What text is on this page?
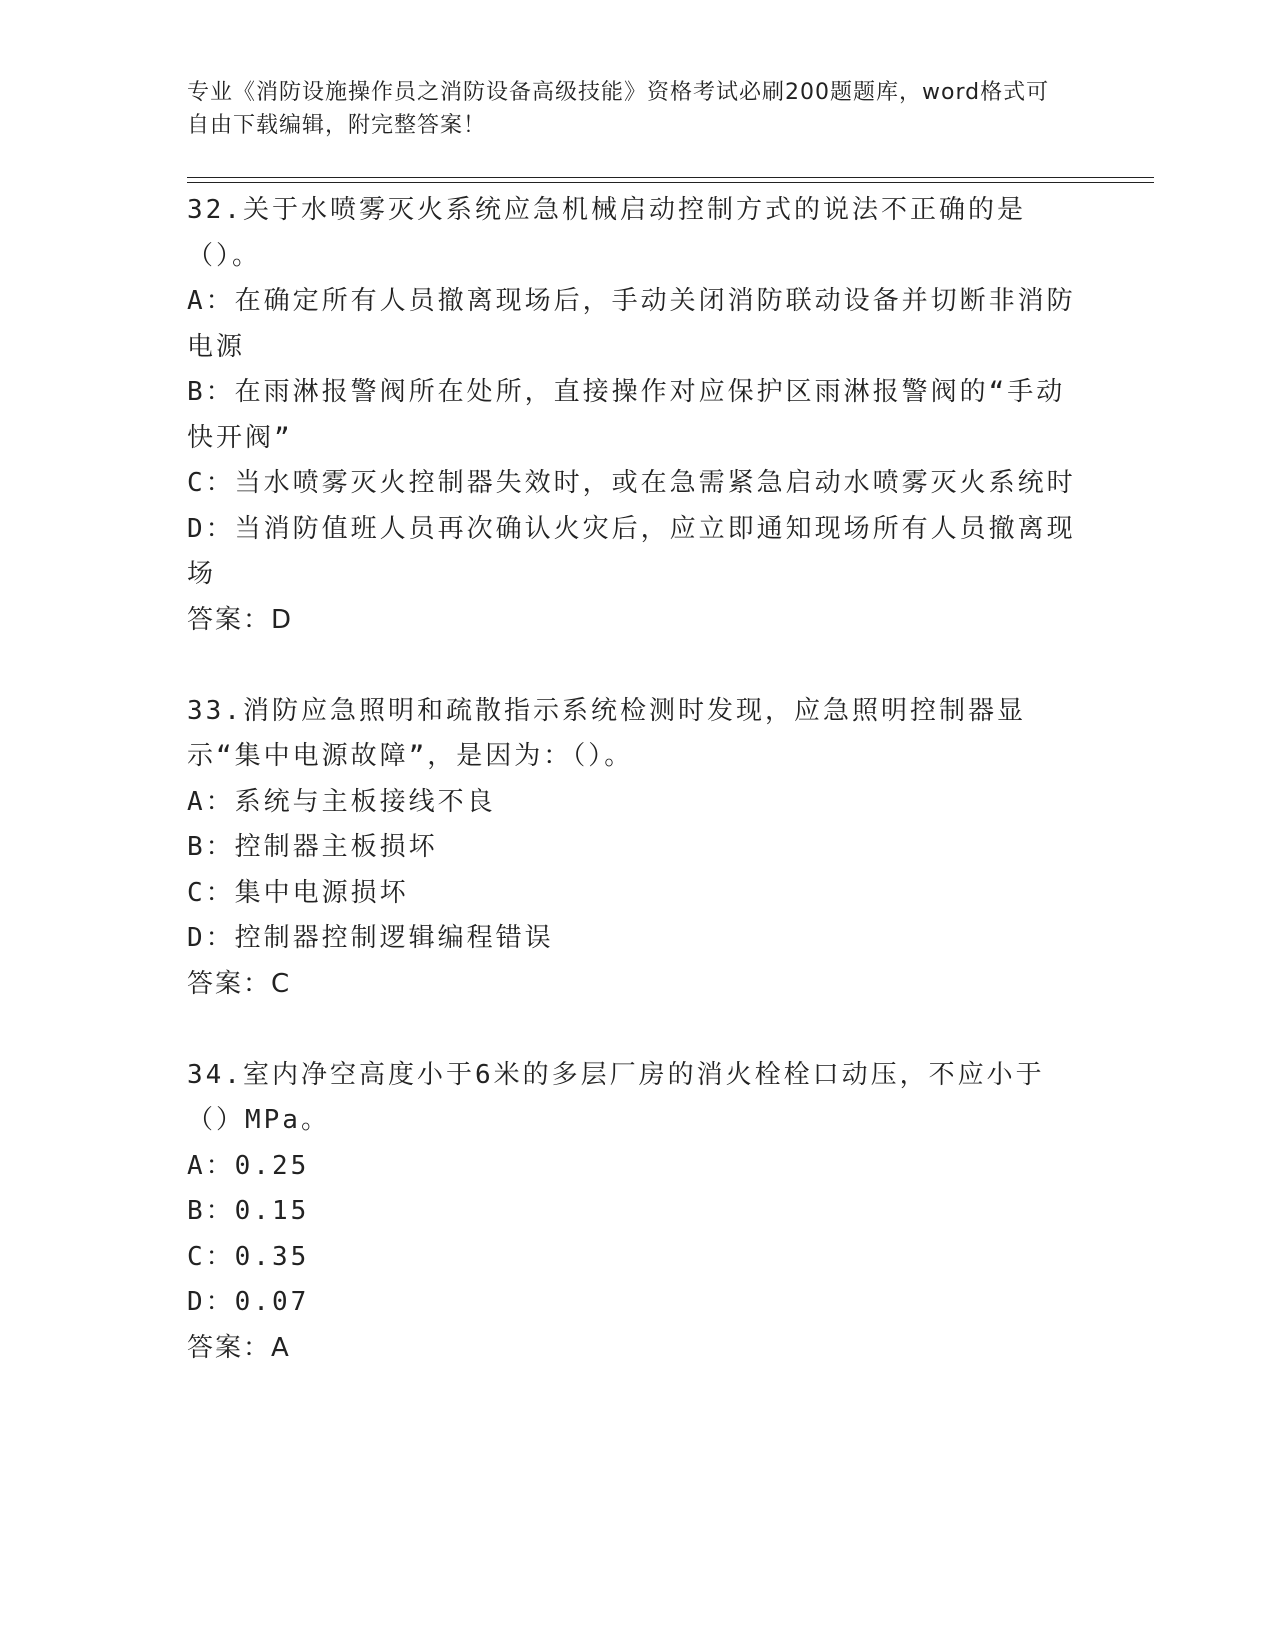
专业《消防设施操作员之消防设备高级技能》资格考试必刷200题题库，word格式可自由下载编辑，附完整答案！

32.关于水喷雾灭火系统应急机械启动控制方式的说法不正确的是（）。

A：在确定所有人员撤离现场后，手动关闭消防联动设备并切断非消防电源

B：在雨淋报警阀所在处所，直接操作对应保护区雨淋报警阀的“手动快开阀”

C：当水喷雾灭火控制器失效时，或在急需紧急启动水喷雾灭火系统时

D：当消防值班人员再次确认火灾后，应立即通知现场所有人员撤离现场

答案：D

33.消防应急照明和疏散指示系统检测时发现，应急照明控制器显示“集中电源故障”，是因为：（）。

A：系统与主板接线不良

B：控制器主板损坏

C：集中电源损坏

D：控制器控制逻辑编程错误

答案：C

34.室内净空高度小于6米的多层厂房的消火栓栓口动压，不应小于（）MPa。

A：0.25

B：0.15

C：0.35

D：0.07

答案：A
